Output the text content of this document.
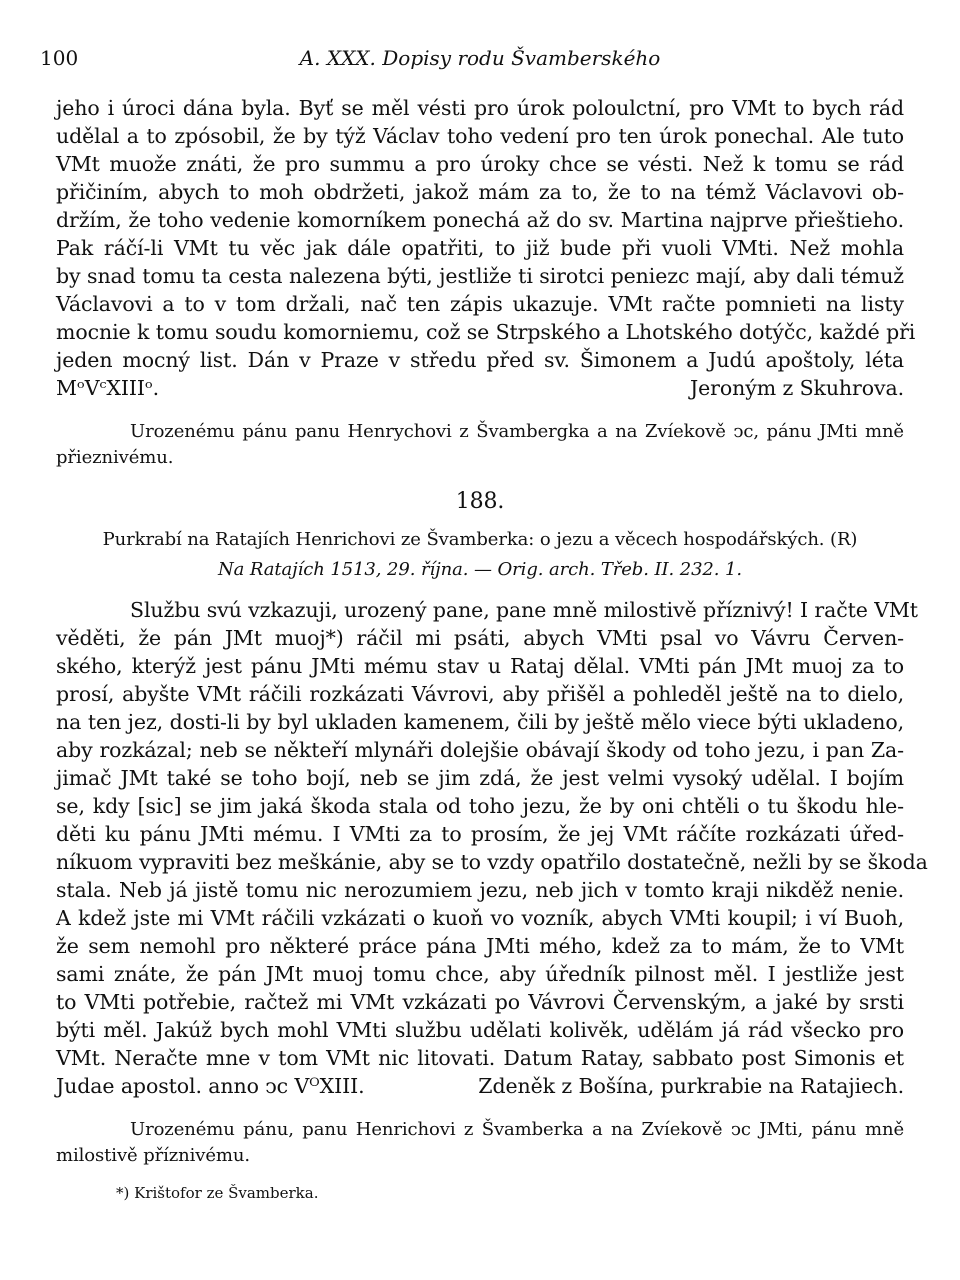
100	A. XXX. Dopisy rodu Švamberského
jeho i úroci dána byla. Byť se měl vésti pro úrok poloulctní, pro VMt to bych rád
udělal a to zpósobil, že by týž Václav toho vedení pro ten úrok ponechal. Ale tuto
VMt muože znáti, že pro summu a pro úroky chce se vésti. Než k tomu se rád
přičiním, abych to moh obdržeti, jakož mám za to, že to na témž Václavovi ob-
držím, že toho vedenie komorníkem ponechá až do sv. Martina najprve přieštieho.
Pak ráčí-li VMt tu věc jak dále opatřiti, to již bude při vuoli VMti. Než mohla
by snad tomu ta cesta nalezena býti, jestliže ti sirotci peniezc mají, aby dali témuž
Václavovi a to v tom držali, nač ten zápis ukazuje. VMt račte pomnieti na listy
mocnie k tomu soudu komorniemu, což se Strpského a Lhotského dotýčc, každé při
jeden mocný list. Dán v Praze v středu před sv. Šimonem a Judú apoštoly, léta
MᵒVᶜXIIIᵒ.	Jeroným z Skuhrova.
Urozenému pánu panu Henrychovi z Švambergka a na Zvíekově ͻc, pánu JMti mně
přieznivému.
188.
Purkrabí na Ratajích Henrichovi ze Švamberka: o jezu a věcech hospodářských. (R)
Na Ratajích 1513, 29. října. — Orig. arch. Třeb. II. 232. 1.
Službu svú vzkazuji, urozený pane, pane mně milostivě příznivý! I račte VMt
věděti, že pán JMt muoj*) ráčil mi psáti, abych VMti psal vo Vávru Červen-
ského, kterýž jest pánu JMti mému stav u Rataj dělal. VMti pán JMt muoj za to
prosí, abyšte VMt ráčili rozkázati Vávrovi, aby přišěl a pohleděl ještě na to dielo,
na ten jez, dosti-li by byl ukladen kamenem, čili by ještě mělo viece býti ukladeno,
aby rozkázal; neb se někteří mlynáři dolejšie obávají škody od toho jezu, i pan Za-
jimač JMt také se toho bojí, neb se jim zdá, že jest velmi vysoký udělal. I bojím
se, kdy [sic] se jim jaká škoda stala od toho jezu, že by oni chtěli o tu škodu hle-
děti ku pánu JMti mému. I VMti za to prosím, že jej VMt ráčíte rozkázati úřed-
níkuom vypraviti bez meškánie, aby se to vzdy opatřilo dostatečně, nežli by se škoda
stala. Neb já jistě tomu nic nerozumiem jezu, neb jich v tomto kraji nikděž nenie.
A kdež jste mi VMt ráčili vzkázati o kuoň vo vozník, abych VMti koupil; i ví Buoh,
že sem nemohl pro některé práce pána JMti mého, kdež za to mám, že to VMt
sami znáte, že pán JMt muoj tomu chce, aby úředník pilnost měl. I jestliže jest
to VMti potřebie, račtež mi VMt vzkázati po Vávrovi Červenským, a jaké by srsti
býti měl. Jakúž bych mohl VMti službu udělati kolivěk, udělám já rád všecko pro
VMt. Neračte mne v tom VMt nic litovati. Datum Ratay, sabbato post Simonis et
Judae apostol. anno ͻc VᴼXIII.	Zdeněk z Bošína, purkrabie na Ratajiech.
Urozenému pánu, panu Henrichovi z Švamberka a na Zvíekově ͻc JMti, pánu mně
milostivě příznivému.
*) Krištofor ze Švamberka.
